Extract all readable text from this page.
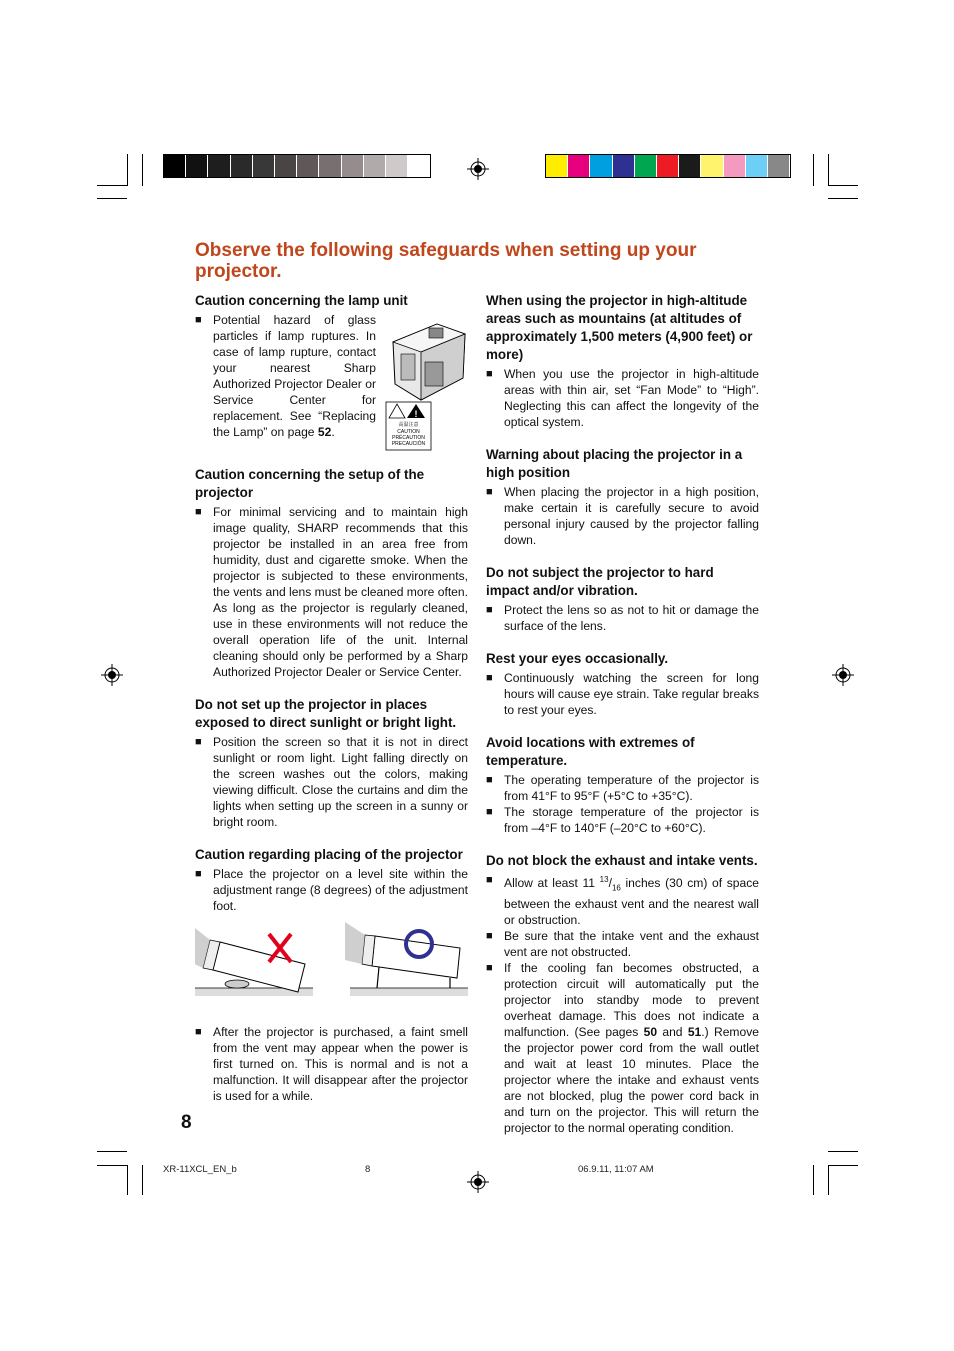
Observe the following safeguards when setting up your projector.

Caution concerning the lamp unit

■ Potential hazard of glass particles if lamp ruptures. In case of lamp rupture, contact your nearest Sharp Authorized Projector Dealer or Service Center for replacement. See “Replacing the Lamp” on page 52.

Caution concerning the setup of the projector

■ For minimal servicing and to maintain high image quality, SHARP recommends that this projector be installed in an area free from humidity, dust and cigarette smoke. When the projector is subjected to these environments, the vents and lens must be cleaned more often. As long as the projector is regularly cleaned, use in these environments will not reduce the overall operation life of the unit. Internal cleaning should only be performed by a Sharp Authorized Projector Dealer or Service Center.

Do not set up the projector in places exposed to direct sunlight or bright light.

■ Position the screen so that it is not in direct sunlight or room light. Light falling directly on the screen washes out the colors, making viewing difficult. Close the curtains and dim the lights when setting up the screen in a sunny or bright room.

Caution regarding placing of the projector

■ Place the projector on a level site within the adjustment range (8 degrees) of the adjustment foot.

■ After the projector is purchased, a faint smell from the vent may appear when the power is first turned on. This is normal and is not a malfunction. It will disappear after the projector is used for a while.

!
高温注意
CAUTION
PRÉCAUTION
PRECAUCIÓN

When using the projector in high-altitude areas such as mountains (at altitudes of approximately 1,500 meters (4,900 feet) or more)

■ When you use the projector in high-altitude areas with thin air, set “Fan Mode” to “High”. Neglecting this can affect the longevity of the optical system.

Warning about placing the projector in a high position

■ When placing the projector in a high position, make certain it is carefully secure to avoid personal injury caused by the projector falling down.

Do not subject the projector to hard impact and/or vibration.

■ Protect the lens so as not to hit or damage the surface of the lens.

Rest your eyes occasionally.

■ Continuously watching the screen for long hours will cause eye strain. Take regular breaks to rest your eyes.

Avoid locations with extremes of temperature.

■ The operating temperature of the projector is from 41°F to 95°F (+5°C to +35°C).

■ The storage temperature of the projector is from –4°F to 140°F (–20°C to +60°C).

Do not block the exhaust and intake vents.

■ Allow at least 11 $^{13}/_{16}$ inches (30 cm) of space between the exhaust vent and the nearest wall or obstruction.

■ Be sure that the intake vent and the exhaust vent are not obstructed.

■ If the cooling fan becomes obstructed, a protection circuit will automatically put the projector into standby mode to prevent overheat damage. This does not indicate a malfunction. (See pages 50 and 51.) Remove the projector power cord from the wall outlet and wait at least 10 minutes. Place the projector where the intake and exhaust vents are not blocked, plug the power cord back in and turn on the projector. This will return the projector to the normal operating condition.

8
XR-11XCL_EN_b	8	06.9.11, 11:07 AM
